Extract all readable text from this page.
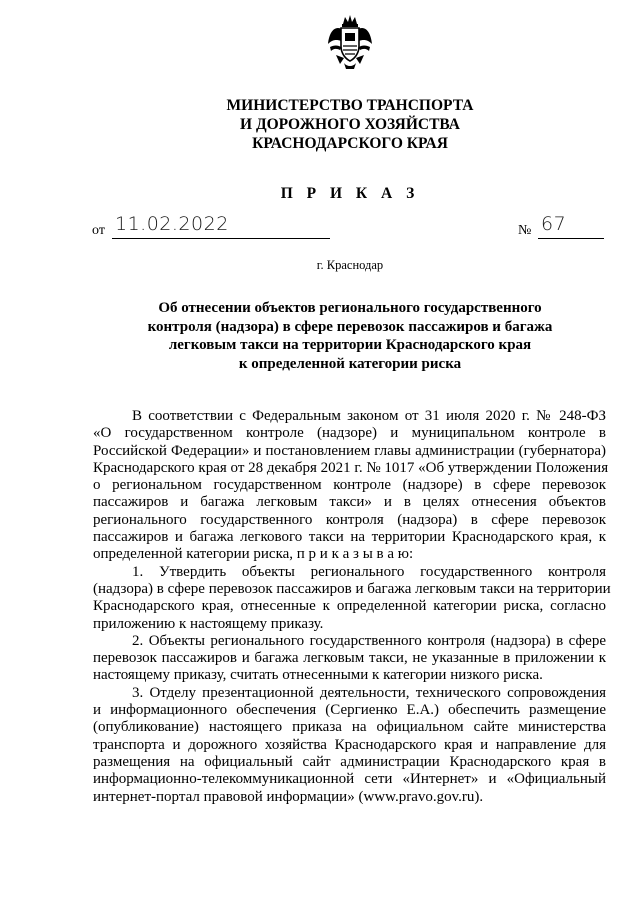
МИНИСТЕРСТВО ТРАНСПОРТА
И ДОРОЖНОГО ХОЗЯЙСТВА
КРАСНОДАРСКОГО КРАЯ
П Р И К А З
от 11.02.2022	№ 67
г. Краснодар
Об отнесении объектов регионального государственного
контроля (надзора) в сфере перевозок пассажиров и багажа
легковым такси на территории Краснодарского края
к определенной категории риска
В соответствии с Федеральным законом от 31 июля 2020 г. № 248-ФЗ
«О государственном контроле (надзоре) и муниципальном контроле в
Российской Федерации» и постановлением главы администрации (губернатора)
Краснодарского края от 28 декабря 2021 г. № 1017 «Об утверждении Положения
о региональном государственном контроле (надзоре) в сфере перевозок
пассажиров и багажа легковым такси» и в целях отнесения объектов
регионального государственного контроля (надзора) в сфере перевозок
пассажиров и багажа легкового такси на территории Краснодарского края, к
определенной категории риска, п р и к а з ы в а ю:
1. Утвердить объекты регионального государственного контроля
(надзора) в сфере перевозок пассажиров и багажа легковым такси на территории
Краснодарского края, отнесенные к определенной категории риска, согласно
приложению к настоящему приказу.
2. Объекты регионального государственного контроля (надзора) в сфере
перевозок пассажиров и багажа легковым такси, не указанные в приложении к
настоящему приказу, считать отнесенными к категории низкого риска.
3. Отделу презентационной деятельности, технического сопровождения
и информационного обеспечения (Сергиенко Е.А.) обеспечить размещение
(опубликование) настоящего приказа на официальном сайте министерства
транспорта и дорожного хозяйства Краснодарского края и направление для
размещения на официальный сайт администрации Краснодарского края в
информационно-телекоммуникационной сети «Интернет» и «Официальный
интернет-портал правовой информации» (www.pravo.gov.ru).
